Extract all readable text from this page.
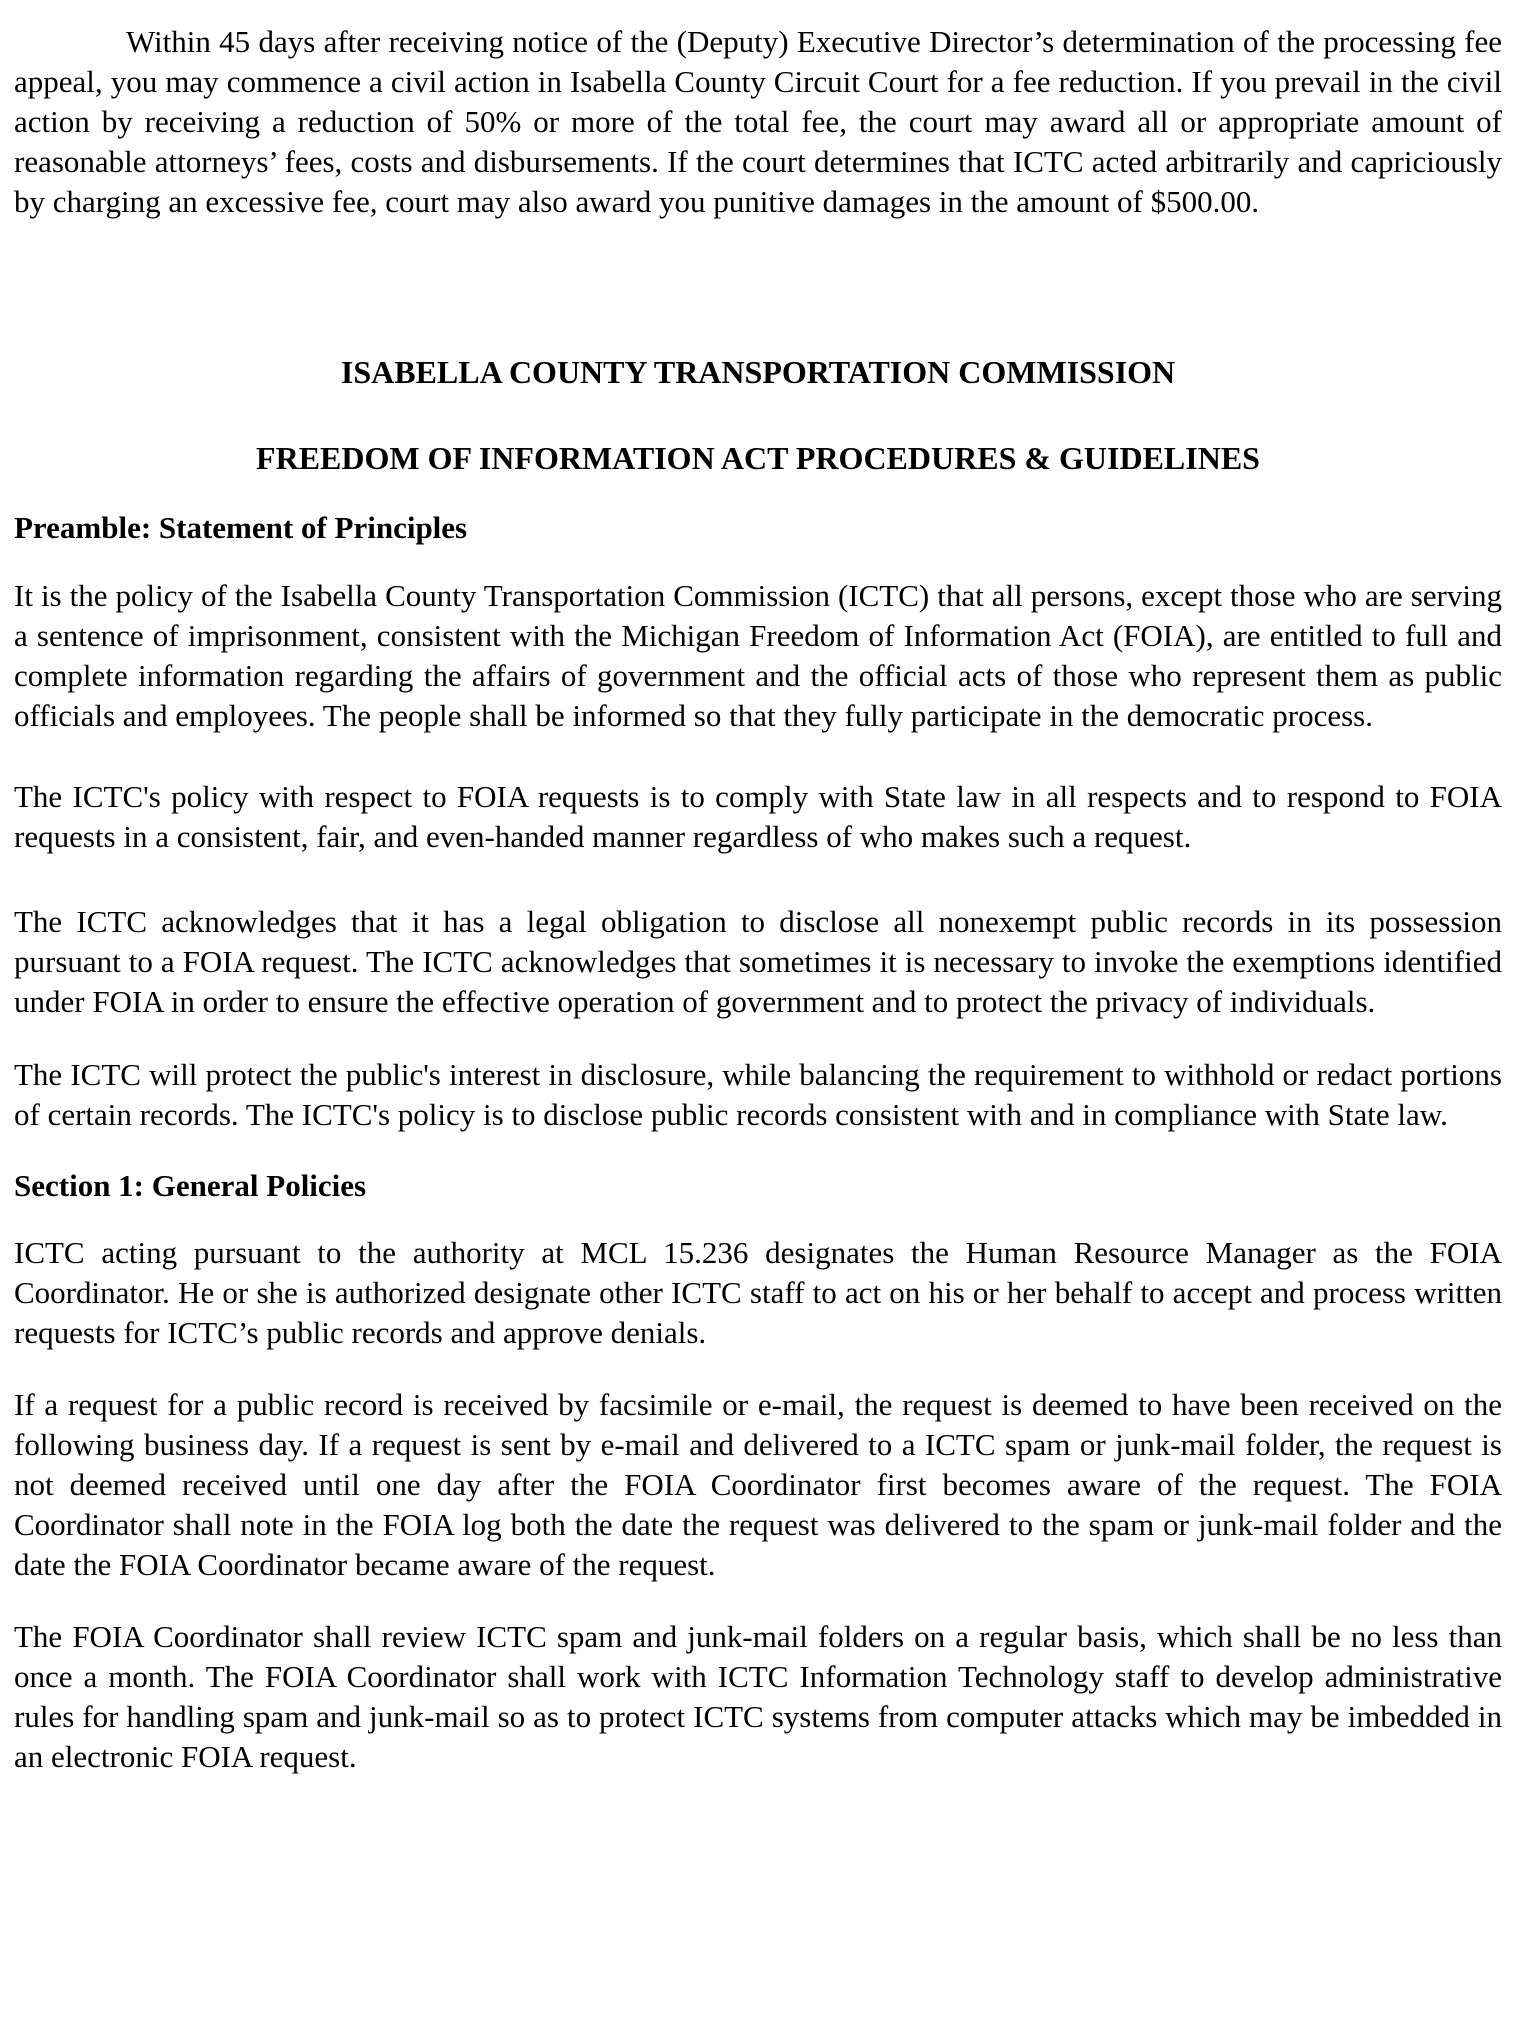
Within 45 days after receiving notice of the (Deputy) Executive Director’s determination of the processing fee appeal, you may commence a civil action in Isabella County Circuit Court for a fee reduction. If you prevail in the civil action by receiving a reduction of 50% or more of the total fee, the court may award all or appropriate amount of reasonable attorneys’ fees, costs and disbursements. If the court determines that ICTC acted arbitrarily and capriciously by charging an excessive fee, court may also award you punitive damages in the amount of $500.00.

ISABELLA COUNTY TRANSPORTATION COMMISSION
FREEDOM OF INFORMATION ACT PROCEDURES & GUIDELINES
Preamble: Statement of Principles

It is the policy of the Isabella County Transportation Commission (ICTC) that all persons, except those who are serving a sentence of imprisonment, consistent with the Michigan Freedom of Information Act (FOIA), are entitled to full and complete information regarding the affairs of government and the official acts of those who represent them as public officials and employees. The people shall be informed so that they fully participate in the democratic process.

The ICTC's policy with respect to FOIA requests is to comply with State law in all respects and to respond to FOIA requests in a consistent, fair, and even-handed manner regardless of who makes such a request.

The ICTC acknowledges that it has a legal obligation to disclose all nonexempt public records in its possession pursuant to a FOIA request. The ICTC acknowledges that sometimes it is necessary to invoke the exemptions identified under FOIA in order to ensure the effective operation of government and to protect the privacy of individuals.

The ICTC will protect the public's interest in disclosure, while balancing the requirement to withhold or redact portions of certain records. The ICTC's policy is to disclose public records consistent with and in compliance with State law.

Section 1: General Policies

ICTC acting pursuant to the authority at MCL 15.236 designates the Human Resource Manager as the FOIA Coordinator. He or she is authorized designate other ICTC staff to act on his or her behalf to accept and process written requests for ICTC’s public records and approve denials.

If a request for a public record is received by facsimile or e-mail, the request is deemed to have been received on the following business day. If a request is sent by e-mail and delivered to a ICTC spam or junk-mail folder, the request is not deemed received until one day after the FOIA Coordinator first becomes aware of the request. The FOIA Coordinator shall note in the FOIA log both the date the request was delivered to the spam or junk-mail folder and the date the FOIA Coordinator became aware of the request.

The FOIA Coordinator shall review ICTC spam and junk-mail folders on a regular basis, which shall be no less than once a month. The FOIA Coordinator shall work with ICTC Information Technology staff to develop administrative rules for handling spam and junk-mail so as to protect ICTC systems from computer attacks which may be imbedded in an electronic FOIA request.
